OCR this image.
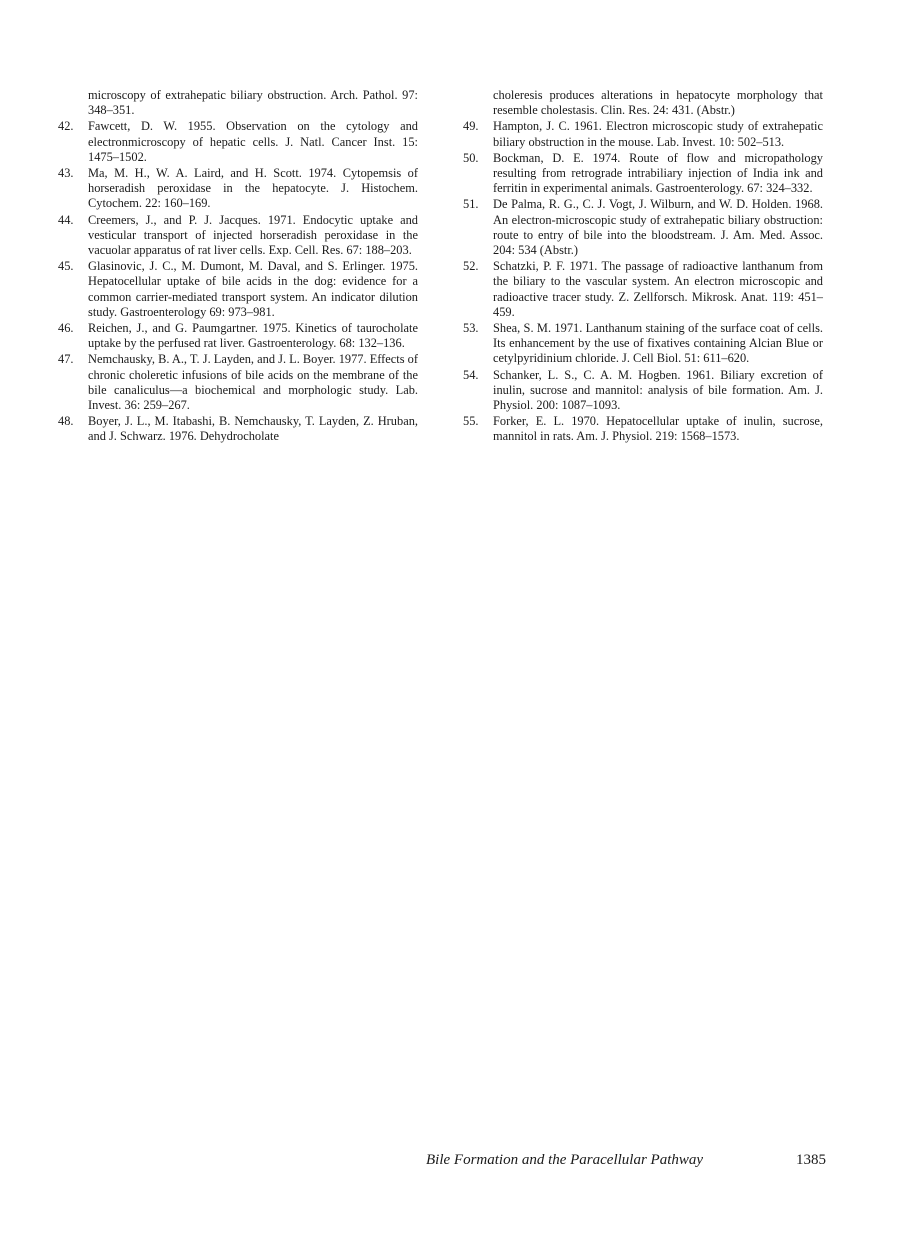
microscopy of extrahepatic biliary obstruction. Arch. Pathol. 97: 348–351.
42. Fawcett, D. W. 1955. Observation on the cytology and electronmicroscopy of hepatic cells. J. Natl. Cancer Inst. 15: 1475–1502.
43. Ma, M. H., W. A. Laird, and H. Scott. 1974. Cytopemsis of horseradish peroxidase in the hepatocyte. J. Histochem. Cytochem. 22: 160–169.
44. Creemers, J., and P. J. Jacques. 1971. Endocytic uptake and vesticular transport of injected horseradish peroxidase in the vacuolar apparatus of rat liver cells. Exp. Cell. Res. 67: 188–203.
45. Glasinovic, J. C., M. Dumont, M. Daval, and S. Erlinger. 1975. Hepatocellular uptake of bile acids in the dog: evidence for a common carrier-mediated transport system. An indicator dilution study. Gastroenterology 69: 973–981.
46. Reichen, J., and G. Paumgartner. 1975. Kinetics of taurocholate uptake by the perfused rat liver. Gastroenterology. 68: 132–136.
47. Nemchausky, B. A., T. J. Layden, and J. L. Boyer. 1977. Effects of chronic choleretic infusions of bile acids on the membrane of the bile canaliculus—a biochemical and morphologic study. Lab. Invest. 36: 259–267.
48. Boyer, J. L., M. Itabashi, B. Nemchausky, T. Layden, Z. Hruban, and J. Schwarz. 1976. Dehydrocholate
choleresis produces alterations in hepatocyte morphology that resemble cholestasis. Clin. Res. 24: 431. (Abstr.)
49. Hampton, J. C. 1961. Electron microscopic study of extrahepatic biliary obstruction in the mouse. Lab. Invest. 10: 502–513.
50. Bockman, D. E. 1974. Route of flow and micropathology resulting from retrograde intrabiliary injection of India ink and ferritin in experimental animals. Gastroenterology. 67: 324–332.
51. De Palma, R. G., C. J. Vogt, J. Wilburn, and W. D. Holden. 1968. An electron-microscopic study of extrahepatic biliary obstruction: route to entry of bile into the bloodstream. J. Am. Med. Assoc. 204: 534 (Abstr.)
52. Schatzki, P. F. 1971. The passage of radioactive lanthanum from the biliary to the vascular system. An electron microscopic and radioactive tracer study. Z. Zellforsch. Mikrosk. Anat. 119: 451–459.
53. Shea, S. M. 1971. Lanthanum staining of the surface coat of cells. Its enhancement by the use of fixatives containing Alcian Blue or cetylpyridinium chloride. J. Cell Biol. 51: 611–620.
54. Schanker, L. S., C. A. M. Hogben. 1961. Biliary excretion of inulin, sucrose and mannitol: analysis of bile formation. Am. J. Physiol. 200: 1087–1093.
55. Forker, E. L. 1970. Hepatocellular uptake of inulin, sucrose, mannitol in rats. Am. J. Physiol. 219: 1568–1573.
Bile Formation and the Paracellular Pathway	1385
